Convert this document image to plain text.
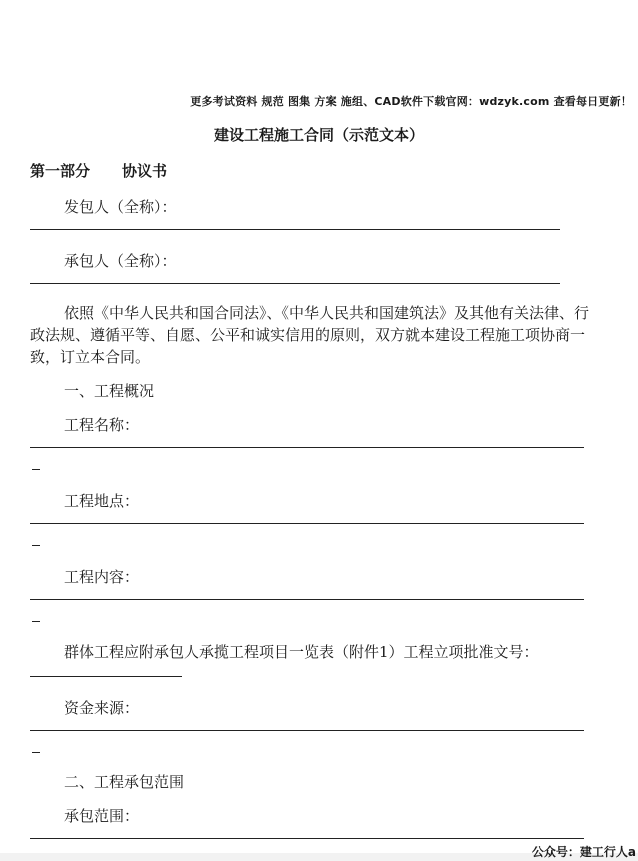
更多考试资料 规范 图集 方案 施组、CAD软件下载官网：wdzyk.com 查看每日更新！
建设工程施工合同（示范文本）
第一部分 协议书
发包人（全称）：
承包人（全称）：
依照《中华人民共和国合同法》、《中华人民共和国建筑法》及其他有关法律、行政法规、遵循平等、自愿、公平和诚实信用的原则，双方就本建设工程施工项协商一致，订立本合同。
一、工程概况
工程名称：
工程地点：
工程内容：
群体工程应附承包人承揽工程项目一览表（附件1）工程立项批准文号：
资金来源：
二、工程承包范围
承包范围：
公众号：建工行人a
